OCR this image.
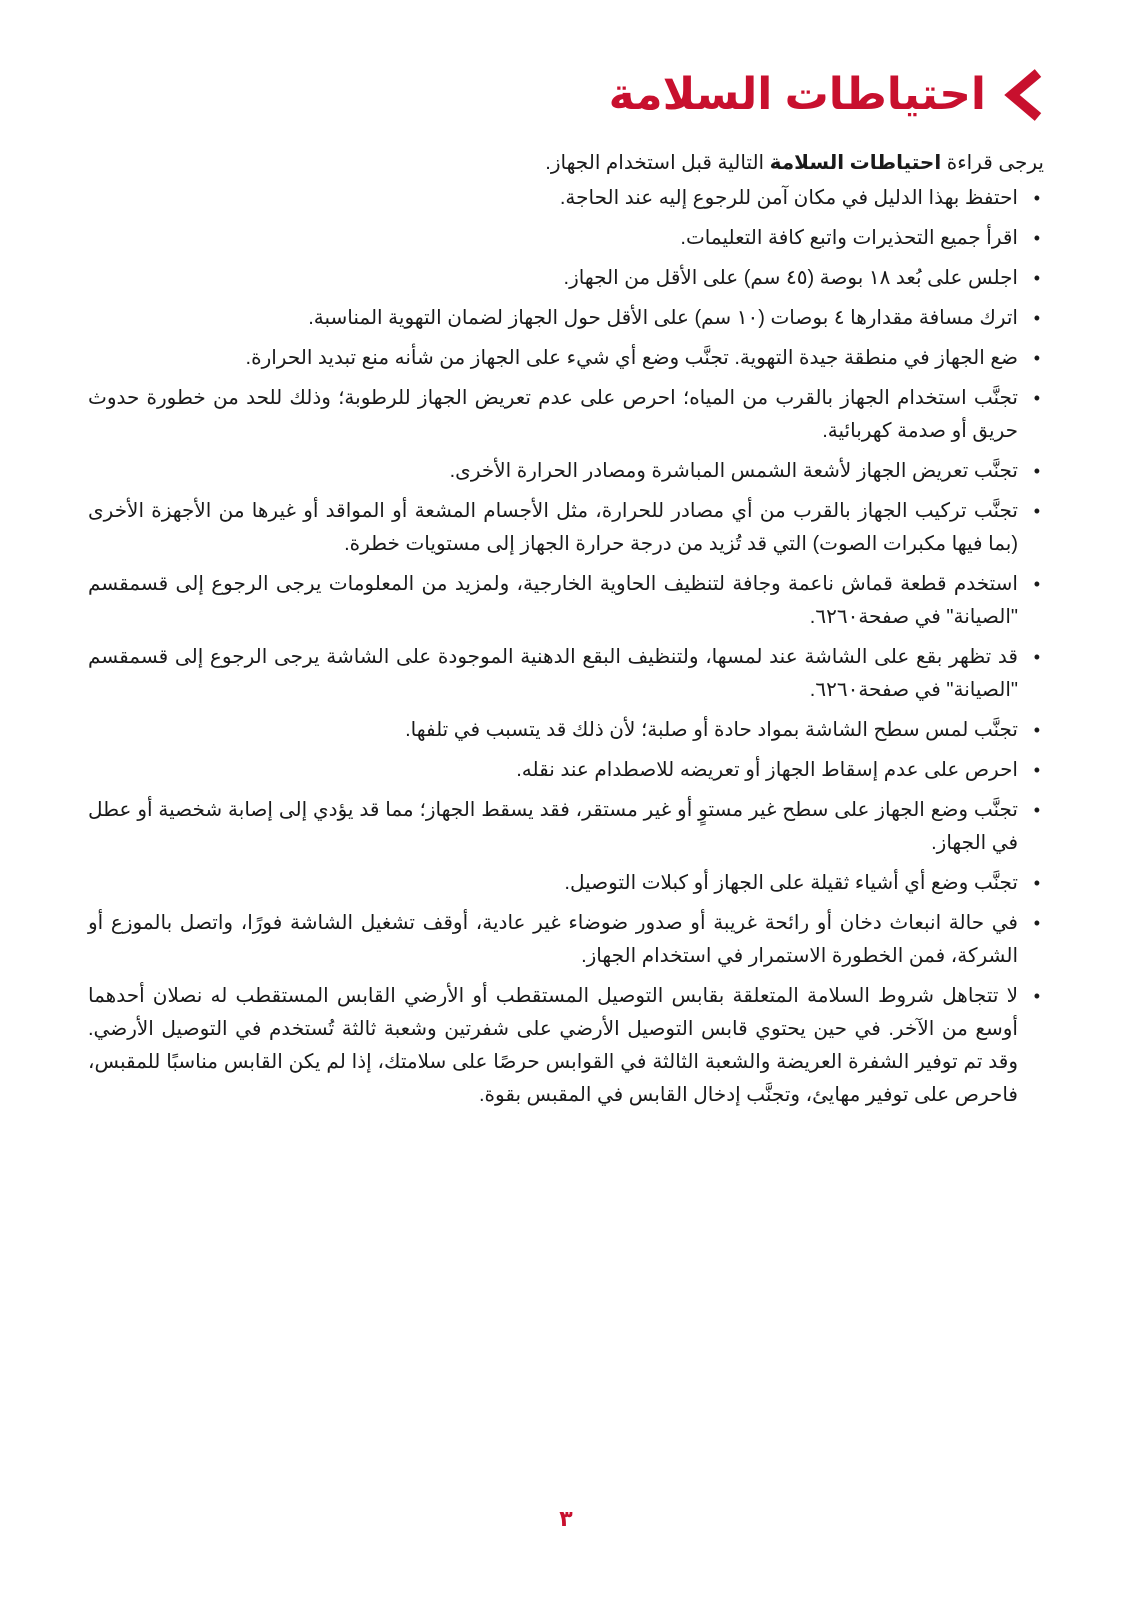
احتياطات السلامة

يرجى قراءة احتياطات السلامة التالية قبل استخدام الجهاز.

•
احتفظ بهذا الدليل في مكان آمن للرجوع إليه عند الحاجة.
•
اقرأ جميع التحذيرات واتبع كافة التعليمات.
•
اجلس على بُعد ١٨ بوصة (٤٥ سم) على الأقل من الجهاز.
•
اترك مسافة مقدارها ٤ بوصات (١٠ سم) على الأقل حول الجهاز لضمان التهوية المناسبة.
•
ضع الجهاز في منطقة جيدة التهوية. تجنَّب وضع أي شيء على الجهاز من شأنه منع تبديد الحرارة.
•
تجنَّب استخدام الجهاز بالقرب من المياه؛ احرص على عدم تعريض الجهاز للرطوبة؛ وذلك للحد من خطورة حدوث حريق أو صدمة كهربائية.
•
تجنَّب تعريض الجهاز لأشعة الشمس المباشرة ومصادر الحرارة الأخرى.
•
تجنَّب تركيب الجهاز بالقرب من أي مصادر للحرارة، مثل الأجسام المشعة أو المواقد أو غيرها من الأجهزة الأخرى (بما فيها مكبرات الصوت) التي قد تُزيد من درجة حرارة الجهاز إلى مستويات خطرة.
•
استخدم قطعة قماش ناعمة وجافة لتنظيف الحاوية الخارجية، ولمزيد من المعلومات يرجى الرجوع إلى قسمقسم "الصيانة" في صفحة٦٢٦٠.
•
قد تظهر بقع على الشاشة عند لمسها، ولتنظيف البقع الدهنية الموجودة على الشاشة يرجى الرجوع إلى قسمقسم "الصيانة" في صفحة٦٢٦٠.
•
تجنَّب لمس سطح الشاشة بمواد حادة أو صلبة؛ لأن ذلك قد يتسبب في تلفها.
•
احرص على عدم إسقاط الجهاز أو تعريضه للاصطدام عند نقله.
•
تجنَّب وضع الجهاز على سطح غير مستوٍ أو غير مستقر، فقد يسقط الجهاز؛ مما قد يؤدي إلى إصابة شخصية أو عطل في الجهاز.
•
تجنَّب وضع أي أشياء ثقيلة على الجهاز أو كبلات التوصيل.
•
في حالة انبعاث دخان أو رائحة غريبة أو صدور ضوضاء غير عادية، أوقف تشغيل الشاشة فورًا، واتصل بالموزع أو الشركة، فمن الخطورة الاستمرار في استخدام الجهاز.
•
لا تتجاهل شروط السلامة المتعلقة بقابس التوصيل المستقطب أو الأرضي القابس المستقطب له نصلان أحدهما أوسع من الآخر. في حين يحتوي قابس التوصيل الأرضي على شفرتين وشعبة ثالثة تُستخدم في التوصيل الأرضي. وقد تم توفير الشفرة العريضة والشعبة الثالثة في القوابس حرصًا على سلامتك، إذا لم يكن القابس مناسبًا للمقبس، فاحرص على توفير مهايئ، وتجنَّب إدخال القابس في المقبس بقوة.
٣
